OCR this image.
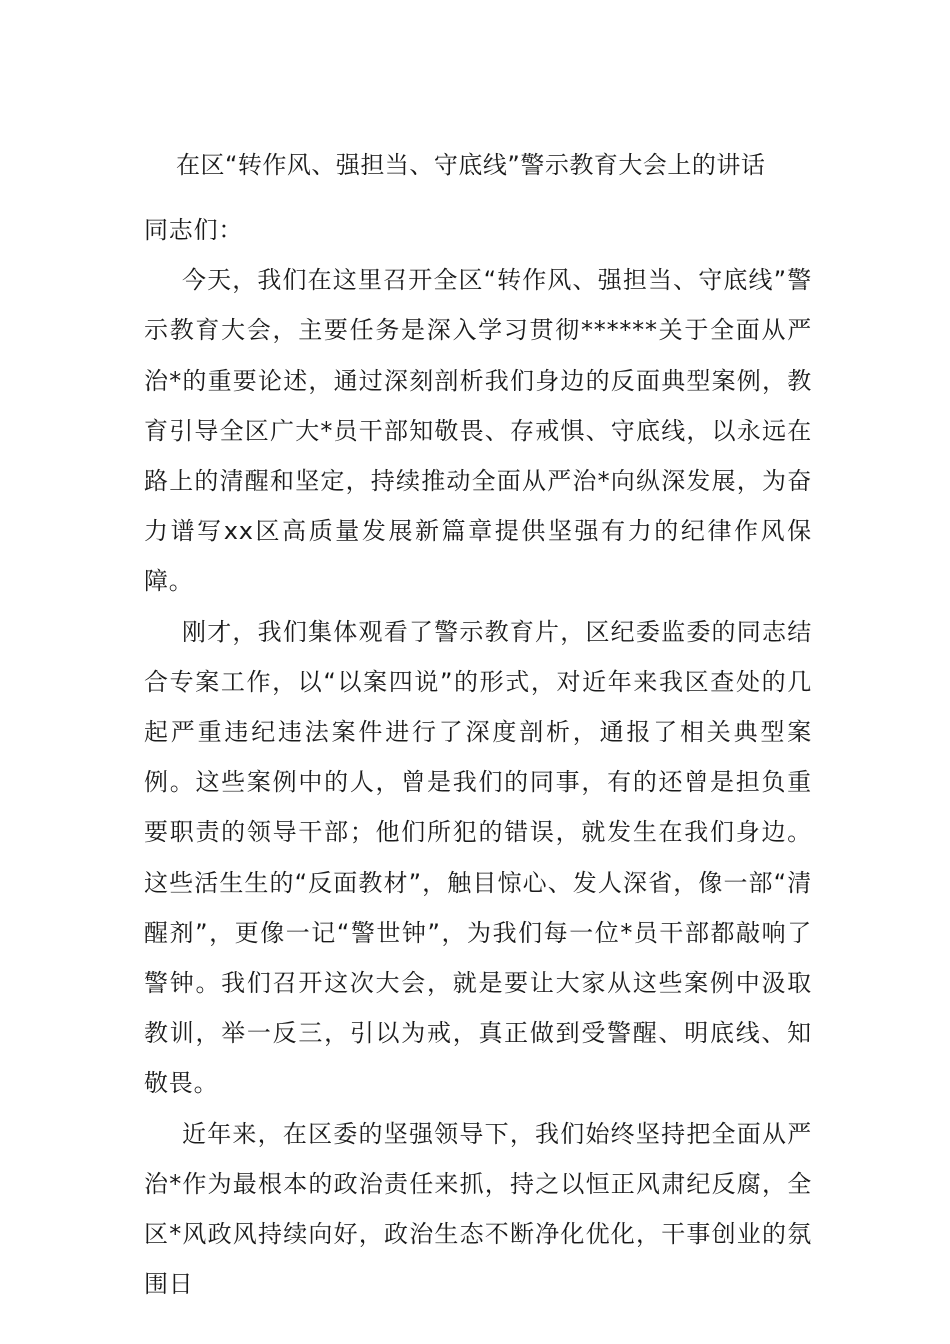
在区“转作风、强担当、守底线”警示教育大会上的讲话

同志们：

今天，我们在这里召开全区“转作风、强担当、守底线”警示教育大会，主要任务是深入学习贯彻******关于全面从严治*的重要论述，通过深刻剖析我们身边的反面典型案例，教育引导全区广大*员干部知敬畏、存戒惧、守底线，以永远在路上的清醒和坚定，持续推动全面从严治*向纵深发展，为奋力谱写xx区高质量发展新篇章提供坚强有力的纪律作风保障。

刚才，我们集体观看了警示教育片，区纪委监委的同志结合专案工作，以“以案四说”的形式，对近年来我区查处的几起严重违纪违法案件进行了深度剖析，通报了相关典型案例。这些案例中的人，曾是我们的同事，有的还曾是担负重要职责的领导干部；他们所犯的错误，就发生在我们身边。这些活生生的“反面教材”，触目惊心、发人深省，像一部“清醒剂”，更像一记“警世钟”，为我们每一位*员干部都敲响了警钟。我们召开这次大会，就是要让大家从这些案例中汲取教训，举一反三，引以为戒，真正做到受警醒、明底线、知敬畏。

近年来，在区委的坚强领导下，我们始终坚持把全面从严治*作为最根本的政治责任来抓，持之以恒正风肃纪反腐，全区*风政风持续向好，政治生态不断净化优化，干事创业的氛围日
